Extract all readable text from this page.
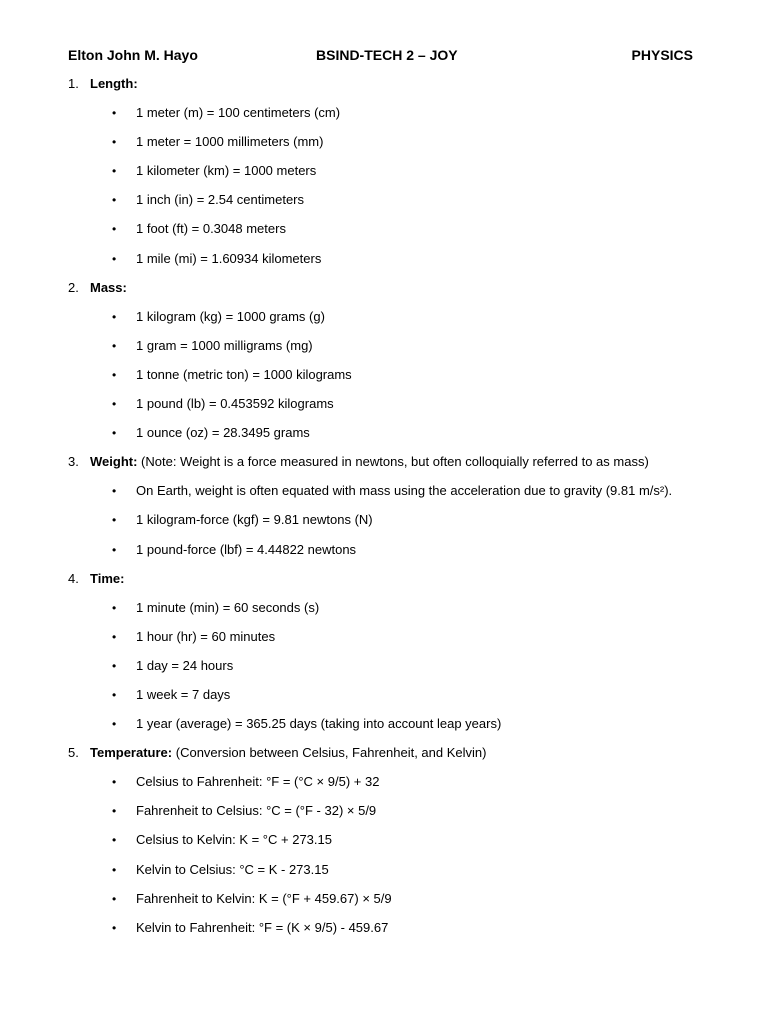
Elton John M. Hayo	BSIND-TECH 2 – JOY	PHYSICS
1. Length:
• 1 meter (m) = 100 centimeters (cm)
• 1 meter = 1000 millimeters (mm)
• 1 kilometer (km) = 1000 meters
• 1 inch (in) = 2.54 centimeters
• 1 foot (ft) = 0.3048 meters
• 1 mile (mi) = 1.60934 kilometers
2. Mass:
• 1 kilogram (kg) = 1000 grams (g)
• 1 gram = 1000 milligrams (mg)
• 1 tonne (metric ton) = 1000 kilograms
• 1 pound (lb) = 0.453592 kilograms
• 1 ounce (oz) = 28.3495 grams
3. Weight: (Note: Weight is a force measured in newtons, but often colloquially referred to as mass)
• On Earth, weight is often equated with mass using the acceleration due to gravity (9.81 m/s²).
• 1 kilogram-force (kgf) = 9.81 newtons (N)
• 1 pound-force (lbf) = 4.44822 newtons
4. Time:
• 1 minute (min) = 60 seconds (s)
• 1 hour (hr) = 60 minutes
• 1 day = 24 hours
• 1 week = 7 days
• 1 year (average) = 365.25 days (taking into account leap years)
5. Temperature: (Conversion between Celsius, Fahrenheit, and Kelvin)
• Celsius to Fahrenheit: °F = (°C × 9/5) + 32
• Fahrenheit to Celsius: °C = (°F - 32) × 5/9
• Celsius to Kelvin: K = °C + 273.15
• Kelvin to Celsius: °C = K - 273.15
• Fahrenheit to Kelvin: K = (°F + 459.67) × 5/9
• Kelvin to Fahrenheit: °F = (K × 9/5) - 459.67
